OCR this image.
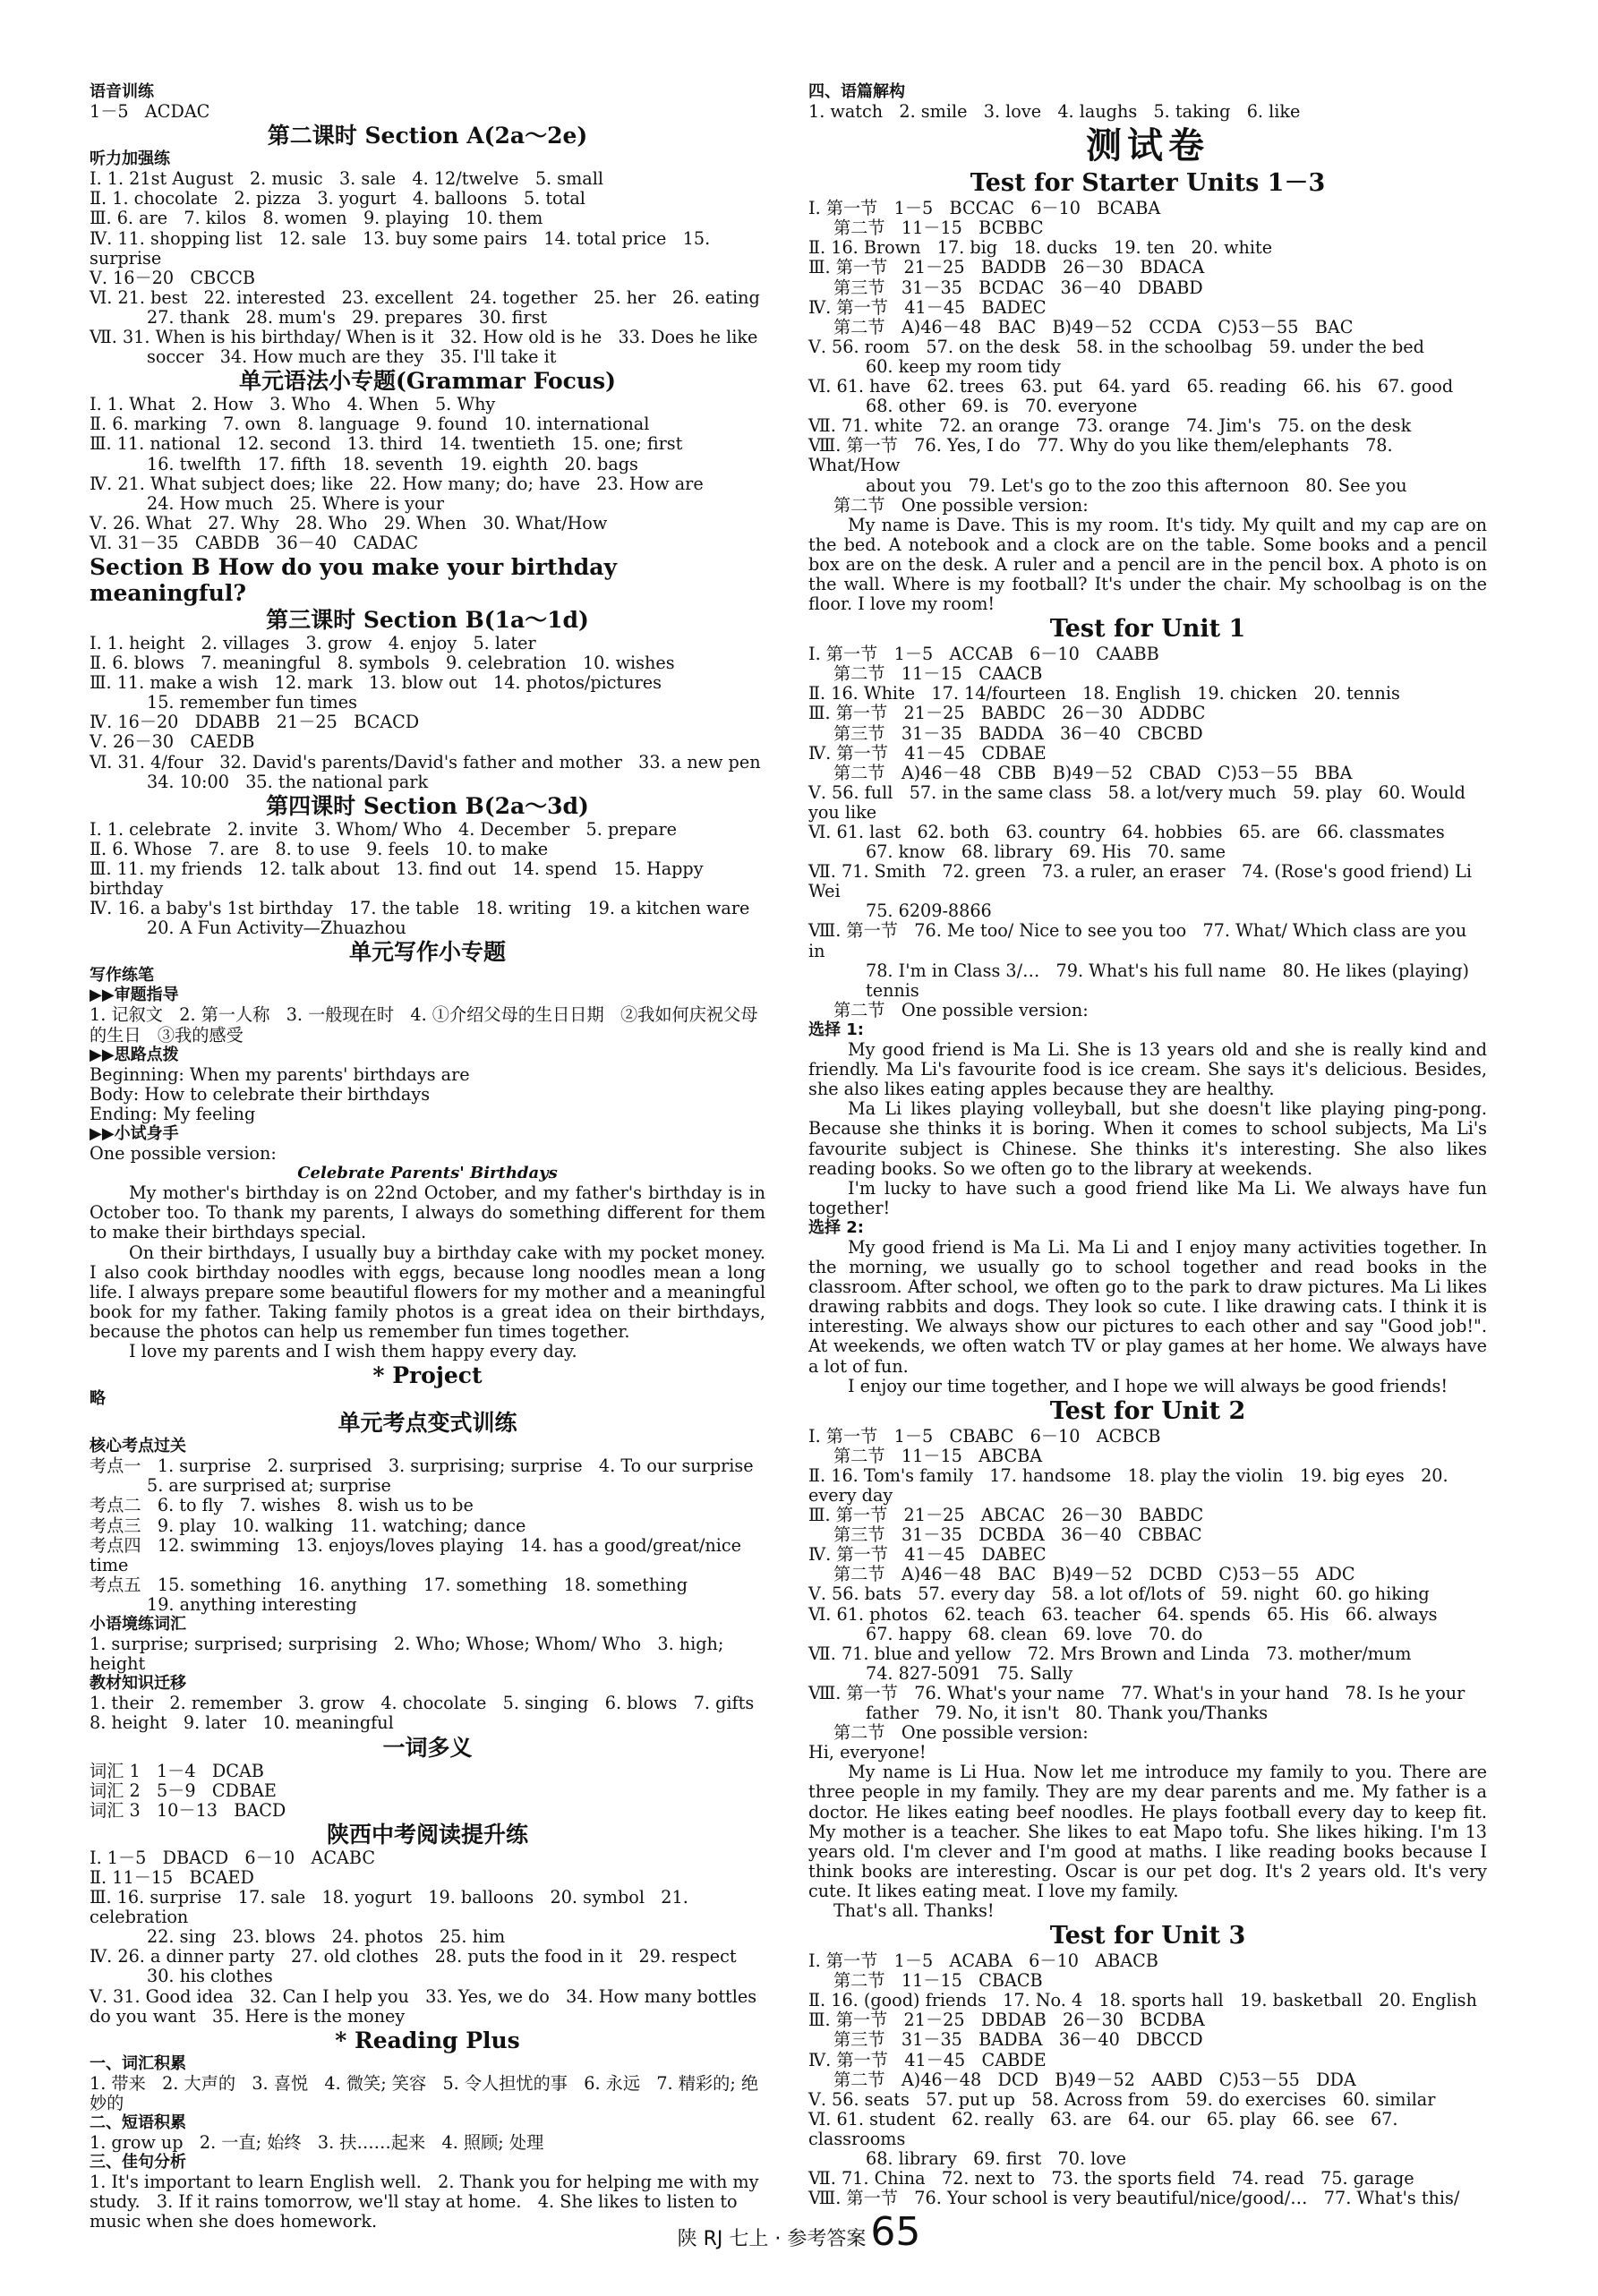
语音训练
1－5   ACDAC
第二课时 Section A(2a～2e)
听力加强练
Ⅰ. 1. 21st August   2. music   3. sale   4. 12/twelve   5. small
Ⅱ. 1. chocolate   2. pizza   3. yogurt   4. balloons   5. total
Ⅲ. 6. are   7. kilos   8. women   9. playing   10. them
Ⅳ. 11. shopping list   12. sale   13. buy some pairs   14. total price   15. surprise
Ⅴ. 16－20   CBCCB
Ⅵ. 21. best   22. interested   23. excellent   24. together   25. her   26. eating
27. thank   28. mum's   29. prepares   30. first
Ⅶ. 31. When is his birthday/ When is it   32. How old is he   33. Does he like
soccer   34. How much are they   35. I'll take it
单元语法小专题(Grammar Focus)
Ⅰ. 1. What   2. How   3. Who   4. When   5. Why
Ⅱ. 6. marking   7. own   8. language   9. found   10. international
Ⅲ. 11. national   12. second   13. third   14. twentieth   15. one; first
16. twelfth   17. fifth   18. seventh   19. eighth   20. bags
Ⅳ. 21. What subject does; like   22. How many; do; have   23. How are
24. How much   25. Where is your
Ⅴ. 26. What   27. Why   28. Who   29. When   30. What/How
Ⅵ. 31－35   CABDB   36－40   CADAC
Section B How do you make your birthday meaningful?
第三课时 Section B(1a～1d)
Ⅰ. 1. height   2. villages   3. grow   4. enjoy   5. later
Ⅱ. 6. blows   7. meaningful   8. symbols   9. celebration   10. wishes
Ⅲ. 11. make a wish   12. mark   13. blow out   14. photos/pictures
15. remember fun times
Ⅳ. 16－20   DDABB   21－25   BCACD
Ⅴ. 26－30   CAEDB
Ⅵ. 31. 4/four   32. David's parents/David's father and mother   33. a new pen
34. 10:00   35. the national park
第四课时 Section B(2a～3d)
Ⅰ. 1. celebrate   2. invite   3. Whom/ Who   4. December   5. prepare
Ⅱ. 6. Whose   7. are   8. to use   9. feels   10. to make
Ⅲ. 11. my friends   12. talk about   13. find out   14. spend   15. Happy birthday
Ⅳ. 16. a baby's 1st birthday   17. the table   18. writing   19. a kitchen ware
20. A Fun Activity—Zhuazhou
单元写作小专题
写作练笔
▶▶审题指导
1. 记叙文   2. 第一人称   3. 一般现在时   4. ①介绍父母的生日日期   ②我如何庆祝父母的生日   ③我的感受
▶▶思路点拨
Beginning: When my parents' birthdays are
Body: How to celebrate their birthdays
Ending: My feeling
▶▶小试身手
One possible version:
Celebrate Parents' Birthdays
My mother's birthday is on 22nd October, and my father's birthday is in October too. To thank my parents, I always do something different for them to make their birthdays special.
On their birthdays, I usually buy a birthday cake with my pocket money. I also cook birthday noodles with eggs, because long noodles mean a long life. I always prepare some beautiful flowers for my mother and a meaningful book for my father. Taking family photos is a great idea on their birthdays, because the photos can help us remember fun times together.
I love my parents and I wish them happy every day.
* Project
略
单元考点变式训练
核心考点过关
考点一   1. surprise   2. surprised   3. surprising; surprise   4. To our surprise
5. are surprised at; surprise
考点二   6. to fly   7. wishes   8. wish us to be
考点三   9. play   10. walking   11. watching; dance
考点四   12. swimming   13. enjoys/loves playing   14. has a good/great/nice time
考点五   15. something   16. anything   17. something   18. something
19. anything interesting
小语境练词汇
1. surprise; surprised; surprising   2. Who; Whose; Whom/ Who   3. high; height
教材知识迁移
1. their   2. remember   3. grow   4. chocolate   5. singing   6. blows   7. gifts
8. height   9. later   10. meaningful
一词多义
词汇 1   1－4   DCAB
词汇 2   5－9   CDBAE
词汇 3   10－13   BACD
陕西中考阅读提升练
Ⅰ. 1－5   DBACD   6－10   ACABC
Ⅱ. 11－15   BCAED
Ⅲ. 16. surprise   17. sale   18. yogurt   19. balloons   20. symbol   21. celebration
22. sing   23. blows   24. photos   25. him
Ⅳ. 26. a dinner party   27. old clothes   28. puts the food in it   29. respect
30. his clothes
Ⅴ. 31. Good idea   32. Can I help you   33. Yes, we do   34. How many bottles do you want   35. Here is the money
* Reading Plus
一、词汇积累
1. 带来   2. 大声的   3. 喜悦   4. 微笑; 笑容   5. 令人担忧的事   6. 永远   7. 精彩的; 绝妙的
二、短语积累
1. grow up   2. 一直; 始终   3. 扶……起来   4. 照顾; 处理
三、佳句分析
1. It's important to learn English well.   2. Thank you for helping me with my study.   3. If it rains tomorrow, we'll stay at home.   4. She likes to listen to music when she does homework.
四、语篇解构
1. watch   2. smile   3. love   4. laughs   5. taking   6. like
测试卷
Test for Starter Units 1－3
Ⅰ. 第一节   1－5   BCCAC   6－10   BCABA
第二节   11－15   BCBBC
Ⅱ. 16. Brown   17. big   18. ducks   19. ten   20. white
Ⅲ. 第一节   21－25   BADDB   26－30   BDACA
第三节   31－35   BCDAC   36－40   DBABD
Ⅳ. 第一节   41－45   BADEC
第二节   A)46－48   BAC   B)49－52   CCDA   C)53－55   BAC
Ⅴ. 56. room   57. on the desk   58. in the schoolbag   59. under the bed
60. keep my room tidy
Ⅵ. 61. have   62. trees   63. put   64. yard   65. reading   66. his   67. good
68. other   69. is   70. everyone
Ⅶ. 71. white   72. an orange   73. orange   74. Jim's   75. on the desk
Ⅷ. 第一节   76. Yes, I do   77. Why do you like them/elephants   78. What/How
about you   79. Let's go to the zoo this afternoon   80. See you
第二节   One possible version:
My name is Dave. This is my room. It's tidy. My quilt and my cap are on the bed. A notebook and a clock are on the table. Some books and a pencil box are on the desk. A ruler and a pencil are in the pencil box. A photo is on the wall. Where is my football? It's under the chair. My schoolbag is on the floor. I love my room!
Test for Unit 1
Ⅰ. 第一节   1－5   ACCAB   6－10   CAABB
第二节   11－15   CAACB
Ⅱ. 16. White   17. 14/fourteen   18. English   19. chicken   20. tennis
Ⅲ. 第一节   21－25   BABDC   26－30   ADDBC
第三节   31－35   BADDA   36－40   CBCBD
Ⅳ. 第一节   41－45   CDBAE
第二节   A)46－48   CBB   B)49－52   CBAD   C)53－55   BBA
Ⅴ. 56. full   57. in the same class   58. a lot/very much   59. play   60. Would you like
Ⅵ. 61. last   62. both   63. country   64. hobbies   65. are   66. classmates
67. know   68. library   69. His   70. same
Ⅶ. 71. Smith   72. green   73. a ruler, an eraser   74. (Rose's good friend) Li Wei
75. 6209-8866
Ⅷ. 第一节   76. Me too/ Nice to see you too   77. What/ Which class are you in
78. I'm in Class 3/…   79. What's his full name   80. He likes (playing) tennis
第二节   One possible version:
选择 1:
My good friend is Ma Li. She is 13 years old and she is really kind and friendly. Ma Li's favourite food is ice cream. She says it's delicious. Besides, she also likes eating apples because they are healthy.
Ma Li likes playing volleyball, but she doesn't like playing ping-pong. Because she thinks it is boring. When it comes to school subjects, Ma Li's favourite subject is Chinese. She thinks it's interesting. She also likes reading books. So we often go to the library at weekends.
I'm lucky to have such a good friend like Ma Li. We always have fun together!
选择 2:
My good friend is Ma Li. Ma Li and I enjoy many activities together. In the morning, we usually go to school together and read books in the classroom. After school, we often go to the park to draw pictures. Ma Li likes drawing rabbits and dogs. They look so cute. I like drawing cats. I think it is interesting. We always show our pictures to each other and say "Good job!". At weekends, we often watch TV or play games at her home. We always have a lot of fun.
I enjoy our time together, and I hope we will always be good friends!
Test for Unit 2
Ⅰ. 第一节   1－5   CBABC   6－10   ACBCB
第二节   11－15   ABCBA
Ⅱ. 16. Tom's family   17. handsome   18. play the violin   19. big eyes   20. every day
Ⅲ. 第一节   21－25   ABCAC   26－30   BABDC
第三节   31－35   DCBDA   36－40   CBBAC
Ⅳ. 第一节   41－45   DABEC
第二节   A)46－48   BAC   B)49－52   DCBD   C)53－55   ADC
Ⅴ. 56. bats   57. every day   58. a lot of/lots of   59. night   60. go hiking
Ⅵ. 61. photos   62. teach   63. teacher   64. spends   65. His   66. always
67. happy   68. clean   69. love   70. do
Ⅶ. 71. blue and yellow   72. Mrs Brown and Linda   73. mother/mum
74. 827-5091   75. Sally
Ⅷ. 第一节   76. What's your name   77. What's in your hand   78. Is he your
father   79. No, it isn't   80. Thank you/Thanks
第二节   One possible version:
Hi, everyone!
My name is Li Hua. Now let me introduce my family to you. There are three people in my family. They are my dear parents and me. My father is a doctor. He likes eating beef noodles. He plays football every day to keep fit. My mother is a teacher. She likes to eat Mapo tofu. She likes hiking. I'm 13 years old. I'm clever and I'm good at maths. I like reading books because I think books are interesting. Oscar is our pet dog. It's 2 years old. It's very cute. It likes eating meat. I love my family.
That's all. Thanks!
Test for Unit 3
Ⅰ. 第一节   1－5   ACABA   6－10   ABACB
第二节   11－15   CBACB
Ⅱ. 16. (good) friends   17. No. 4   18. sports hall   19. basketball   20. English
Ⅲ. 第一节   21－25   DBDAB   26－30   BCDBA
第三节   31－35   BADBA   36－40   DBCCD
Ⅳ. 第一节   41－45   CABDE
第二节   A)46－48   DCD   B)49－52   AABD   C)53－55   DDA
Ⅴ. 56. seats   57. put up   58. Across from   59. do exercises   60. similar
Ⅵ. 61. student   62. really   63. are   64. our   65. play   66. see   67. classrooms
68. library   69. first   70. love
Ⅶ. 71. China   72. next to   73. the sports field   74. read   75. garage
Ⅷ. 第一节   76. Your school is very beautiful/nice/good/…   77. What's this/
陕 RJ 七上 · 参考答案 65
